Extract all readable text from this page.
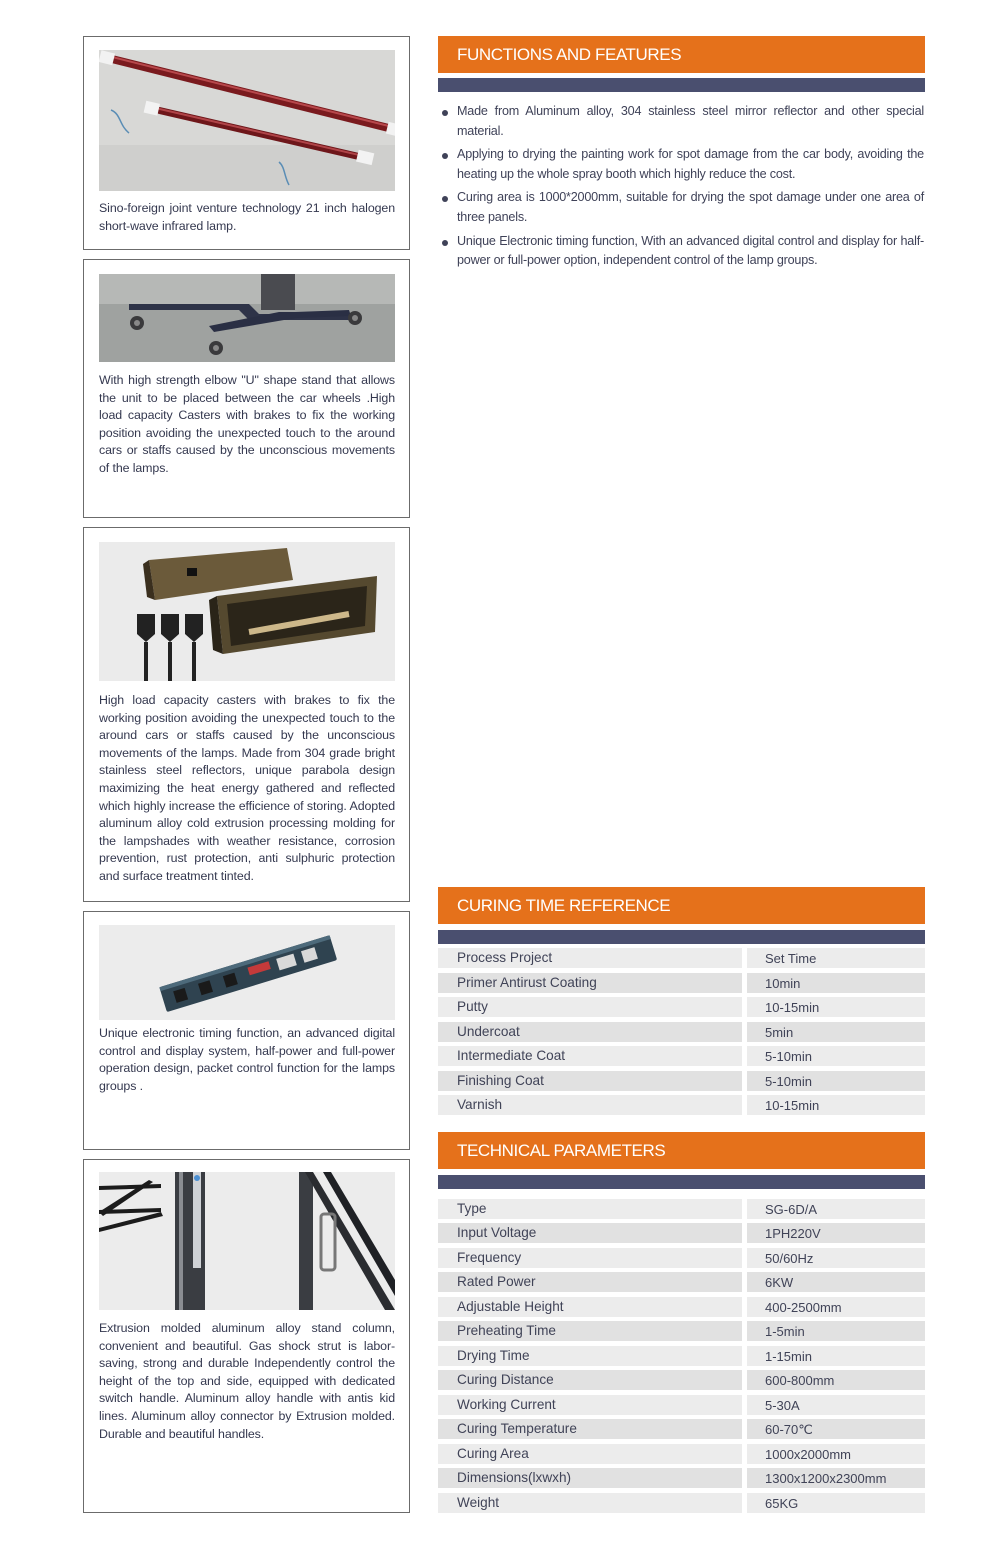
Sino-foreign joint venture technology 21 inch halogen short-wave infrared lamp.
With high strength elbow "U" shape stand that allows the unit to be placed between the car wheels .High load capacity Casters with brakes to fix the working position avoiding the unexpected touch to the around cars or staffs caused by the unconscious movements of the lamps.
High load capacity casters with brakes to fix the working position avoiding the unexpected touch to the around cars or staffs caused by the unconscious movements of the lamps. Made from 304 grade bright stainless steel reflectors, unique parabola design maximizing the heat energy gathered and reflected which highly increase the efficience of storing. Adopted aluminum alloy cold extrusion processing molding for the lampshades with weather resistance, corrosion prevention, rust protection, anti sulphuric protection and surface treatment tinted.
Unique electronic timing function, an advanced digital control and display system, half-power and full-power operation design, packet control function for the lamps groups .
Extrusion molded aluminum alloy stand column, convenient and beautiful. Gas shock strut is labor-saving, strong and durable Independently control the height of the top and side, equipped with dedicated switch handle. Aluminum alloy handle with antis kid lines. Aluminum alloy connector by Extrusion molded. Durable and beautiful handles.
FUNCTIONS AND FEATURES
Made from Aluminum alloy, 304 stainless steel mirror reflector and other special material.
Applying to drying the painting work for spot damage from the car body, avoiding the heating up the whole spray booth which highly reduce the cost.
Curing area is 1000*2000mm, suitable for drying the spot damage under one area of three panels.
Unique Electronic timing function, With an advanced digital control and display for half-power or full-power option, independent control of the lamp groups.
CURING TIME REFERENCE
Process Project	Set Time
Primer Antirust Coating	10min
Putty	10-15min
Undercoat	5min
Intermediate Coat	5-10min
Finishing Coat	5-10min
Varnish	10-15min
TECHNICAL PARAMETERS
Type	SG-6D/A
Input Voltage	1PH220V
Frequency	50/60Hz
Rated Power	6KW
Adjustable Height	400-2500mm
Preheating Time	1-5min
Drying Time	1-15min
Curing Distance	600-800mm
Working Current	5-30A
Curing Temperature	60-70℃
Curing Area	1000x2000mm
Dimensions(lxwxh)	1300x1200x2300mm
Weight	65KG
